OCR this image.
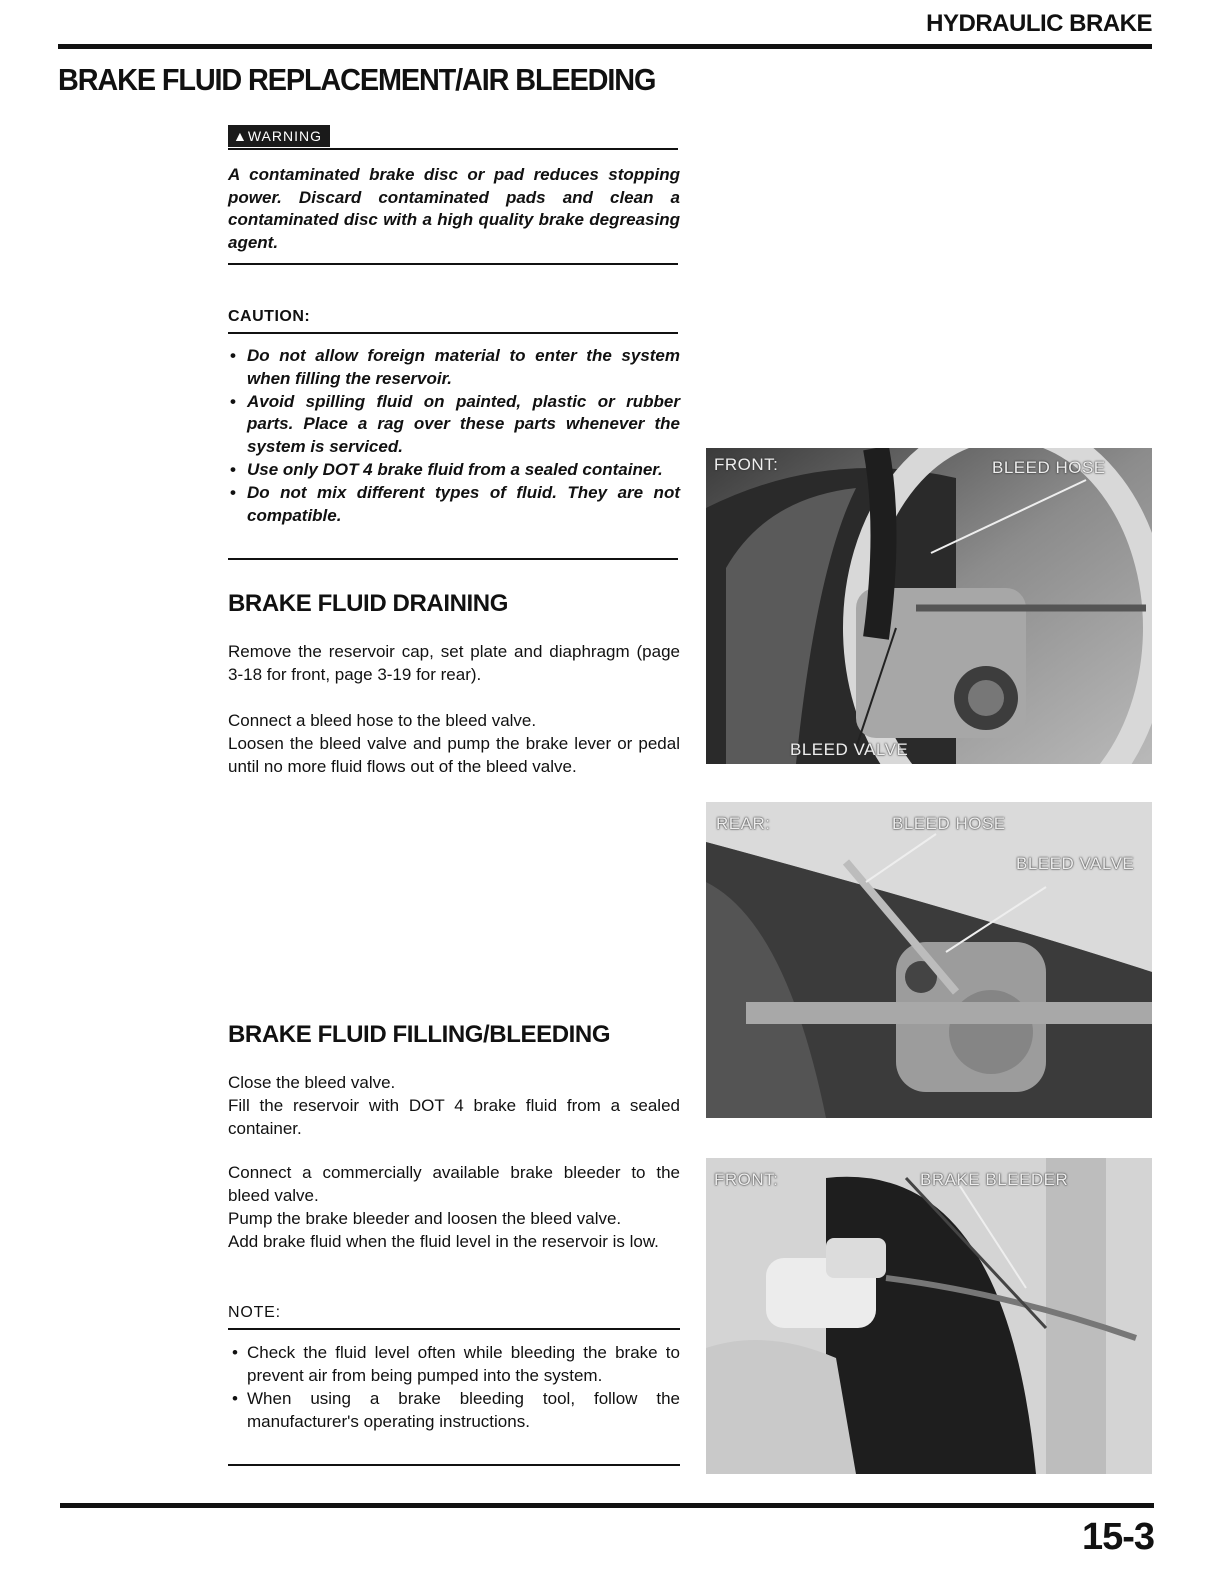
HYDRAULIC BRAKE
BRAKE FLUID REPLACEMENT/AIR BLEEDING
▲WARNING
A contaminated brake disc or pad reduces stopping power. Discard contaminated pads and clean a contaminated disc with a high quality brake degreasing agent.
CAUTION:
• Do not allow foreign material to enter the system when filling the reservoir.
• Avoid spilling fluid on painted, plastic or rubber parts. Place a rag over these parts whenever the system is serviced.
• Use only DOT 4 brake fluid from a sealed container.
• Do not mix different types of fluid. They are not compatible.
BRAKE FLUID DRAINING
Remove the reservoir cap, set plate and diaphragm (page 3-18 for front, page 3-19 for rear).
Connect a bleed hose to the bleed valve.
Loosen the bleed valve and pump the brake lever or pedal until no more fluid flows out of the bleed valve.
BRAKE FLUID FILLING/BLEEDING
Close the bleed valve.
Fill the reservoir with DOT 4 brake fluid from a sealed container.
Connect a commercially available brake bleeder to the bleed valve.
Pump the brake bleeder and loosen the bleed valve.
Add brake fluid when the fluid level in the reservoir is low.
NOTE:
• Check the fluid level often while bleeding the brake to prevent air from being pumped into the system.
• When using a brake bleeding tool, follow the manufacturer's operating instructions.
FRONT:	BLEED HOSE
BLEED VALVE
REAR:	BLEED HOSE
BLEED VALVE
FRONT:	BRAKE BLEEDER
15-3
